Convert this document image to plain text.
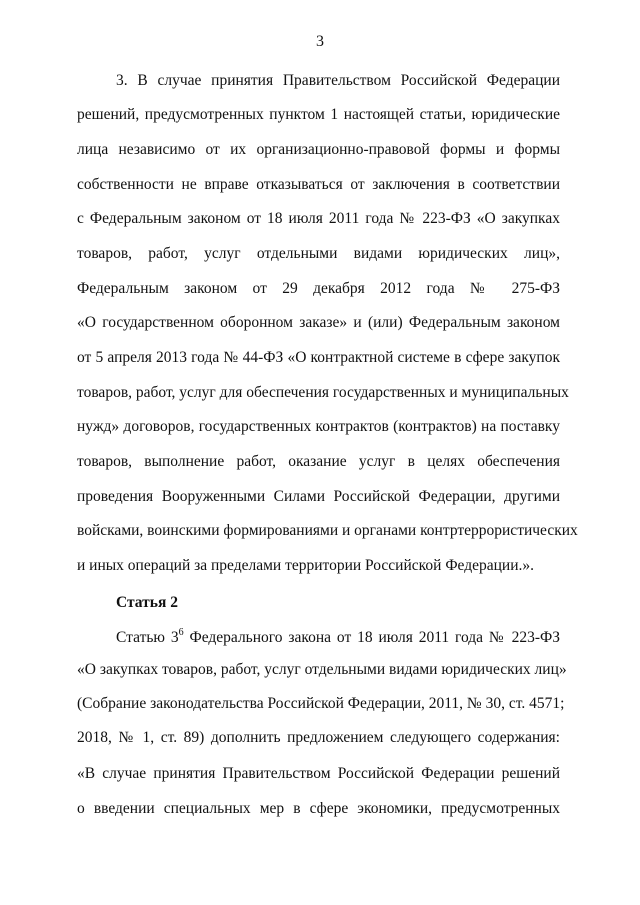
3
3. В случае принятия Правительством Российской Федерации
решений, предусмотренных пунктом 1 настоящей статьи, юридические
лица независимо от их организационно-правовой формы и формы
собственности не вправе отказываться от заключения в соответствии
с Федеральным законом от 18 июля 2011 года № 223-ФЗ «О закупках
товаров, работ, услуг отдельными видами юридических лиц»,
Федеральным законом от 29 декабря 2012 года № 275-ФЗ
«О государственном оборонном заказе» и (или) Федеральным законом
от 5 апреля 2013 года № 44-ФЗ «О контрактной системе в сфере закупок
товаров, работ, услуг для обеспечения государственных и муниципальных
нужд» договоров, государственных контрактов (контрактов) на поставку
товаров, выполнение работ, оказание услуг в целях обеспечения
проведения Вооруженными Силами Российской Федерации, другими
войсками, воинскими формированиями и органами контртеррористических
и иных операций за пределами территории Российской Федерации.».
Статья 2
Статью $3^6$ Федерального закона от 18 июля 2011 года № 223-ФЗ
«О закупках товаров, работ, услуг отдельными видами юридических лиц»
(Собрание законодательства Российской Федерации, 2011, № 30, ст. 4571;
2018, № 1, ст. 89) дополнить предложением следующего содержания:
«В случае принятия Правительством Российской Федерации решений
о введении специальных мер в сфере экономики, предусмотренных
